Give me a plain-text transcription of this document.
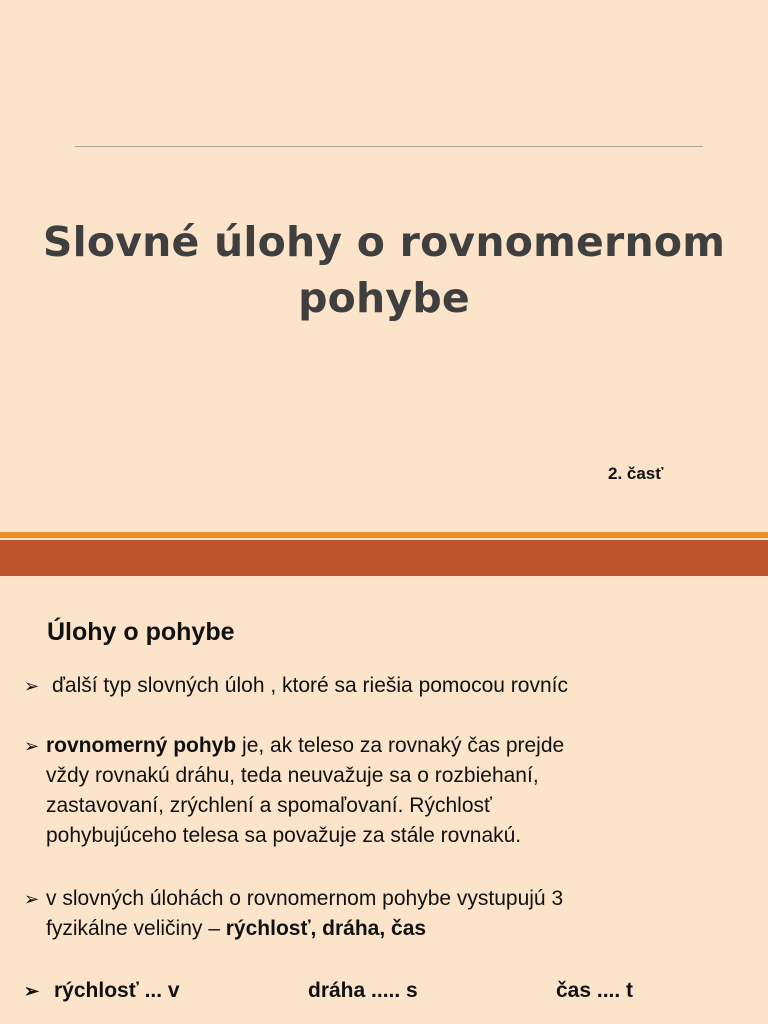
Slovné úlohy o rovnomernom
pohybe
2. časť
Úlohy o pohybe
➢ ďalší typ slovných úloh , ktoré sa riešia pomocou rovníc
➢ rovnomerný pohyb je, ak teleso za rovnaký čas prejde
vždy rovnakú dráhu, teda neuvažuje sa o rozbiehaní,
zastavovaní, zrýchlení a spomaľovaní. Rýchlosť
pohybujúceho telesa sa považuje za stále rovnakú.
➢ v slovných úlohách o rovnomernom pohybe vystupujú 3
fyzikálne veličiny – rýchlosť, dráha, čas
➢ rýchlosť ... v	dráha ..... s	čas .... t
